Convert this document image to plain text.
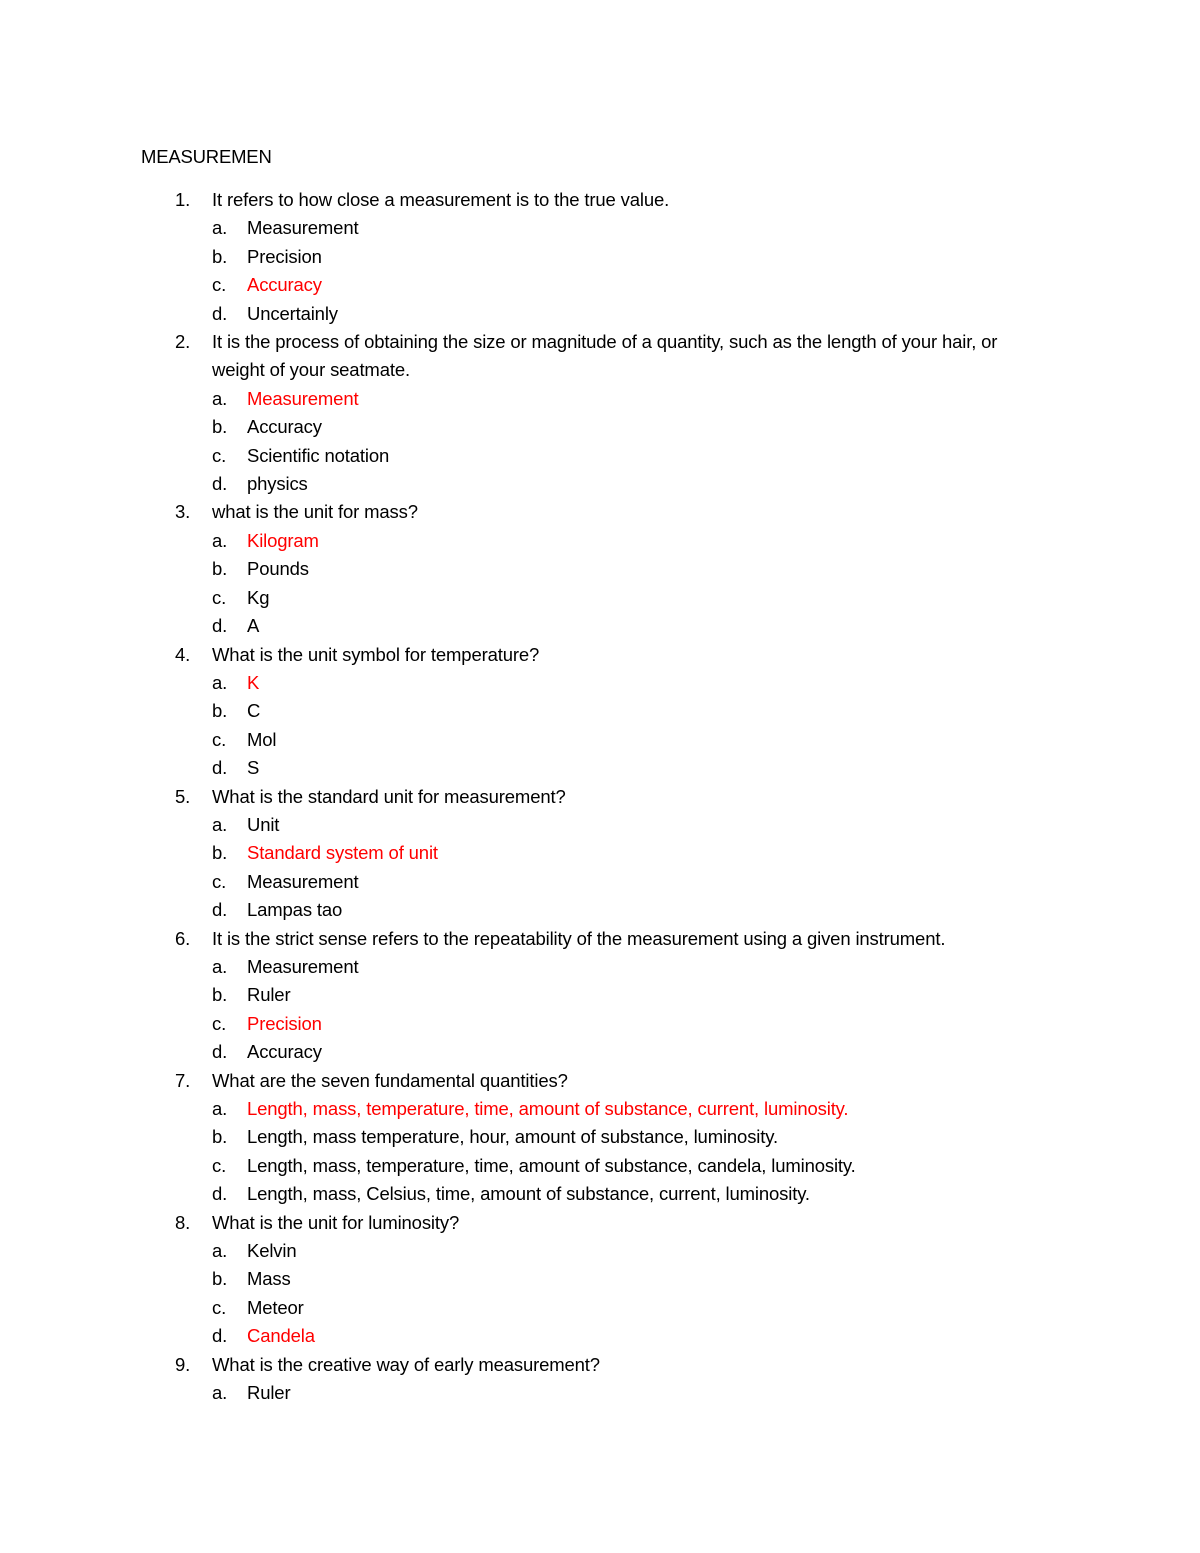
MEASUREMEN
1. It refers to how close a measurement is to the true value.
a. Measurement
b. Precision
c. Accuracy
d. Uncertainly
2. It is the process of obtaining the size or magnitude of a quantity, such as the length of your hair, or weight of your seatmate.
a. Measurement
b. Accuracy
c. Scientific notation
d. physics
3. what is the unit for mass?
a. Kilogram
b. Pounds
c. Kg
d. A
4. What is the unit symbol for temperature?
a. K
b. C
c. Mol
d. S
5. What is the standard unit for measurement?
a. Unit
b. Standard system of unit
c. Measurement
d. Lampas tao
6. It is the strict sense refers to the repeatability of the measurement using a given instrument.
a. Measurement
b. Ruler
c. Precision
d. Accuracy
7. What are the seven fundamental quantities?
a. Length, mass, temperature, time, amount of substance, current, luminosity.
b. Length, mass temperature, hour, amount of substance, luminosity.
c. Length, mass, temperature, time, amount of substance, candela, luminosity.
d. Length, mass, Celsius, time, amount of substance, current, luminosity.
8. What is the unit for luminosity?
a. Kelvin
b. Mass
c. Meteor
d. Candela
9. What is the creative way of early measurement?
a. Ruler
